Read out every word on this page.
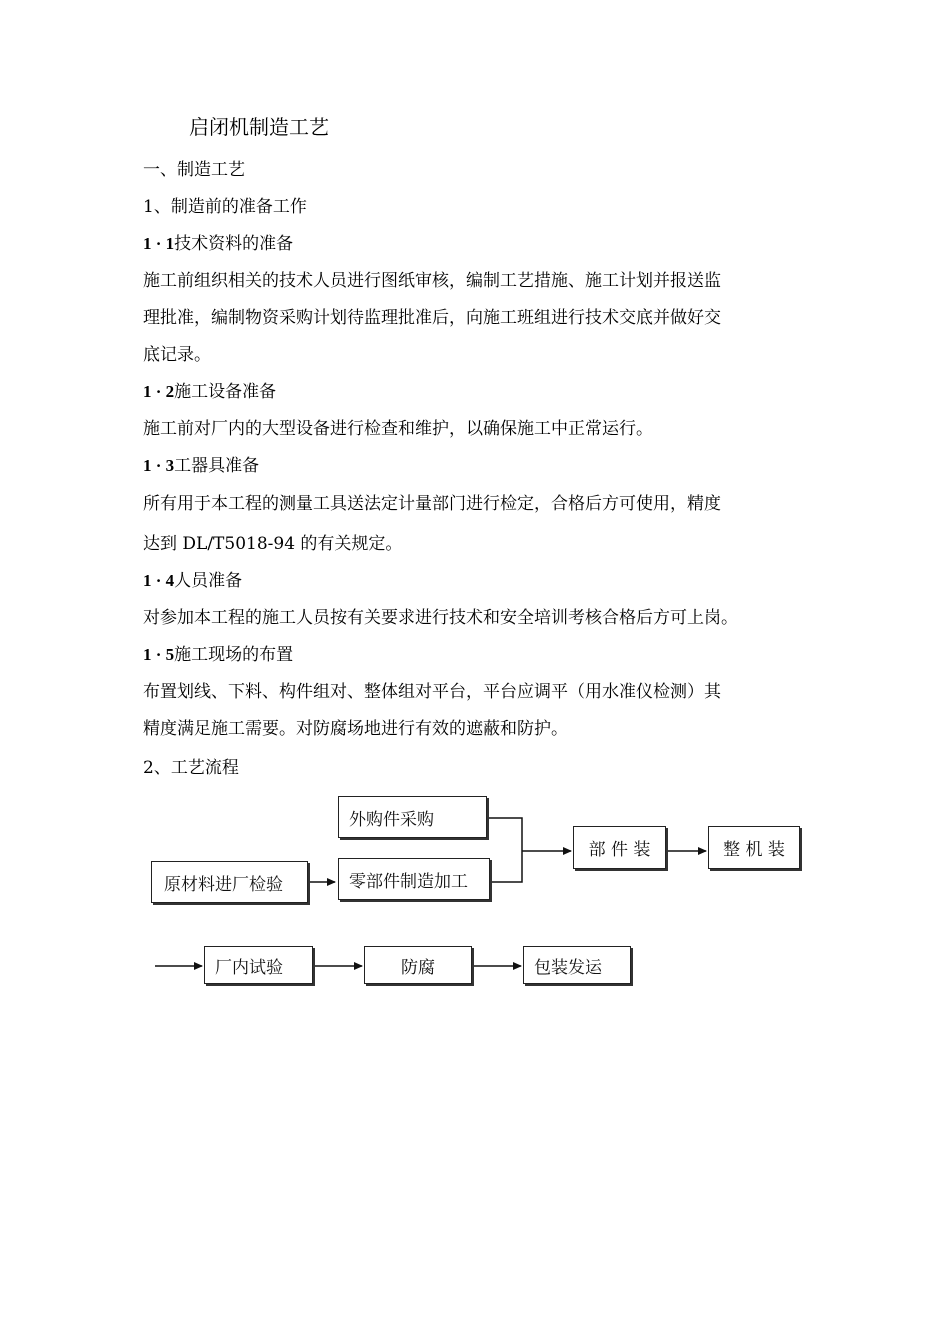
启闭机制造工艺
一、制造工艺
1、制造前的准备工作
1 · 1技术资料的准备
施工前组织相关的技术人员进行图纸审核，编制工艺措施、施工计划并报送监
理批准，编制物资采购计划待监理批准后，向施工班组进行技术交底并做好交
底记录。
1 · 2施工设备准备
施工前对厂内的大型设备进行检查和维护，以确保施工中正常运行。
1 · 3工器具准备
所有用于本工程的测量工具送法定计量部门进行检定，合格后方可使用，精度
达到 DL/T5018-94 的有关规定。
1 · 4人员准备
对参加本工程的施工人员按有关要求进行技术和安全培训考核合格后方可上岗。
1 · 5施工现场的布置
布置划线、下料、构件组对、整体组对平台，平台应调平（用水准仪检测）其
精度满足施工需要。对防腐场地进行有效的遮蔽和防护。
2、工艺流程
外购件采购
原材料进厂检验	零部件制造加工
部 件 装	整 机 装
厂内试验	防腐	包装发运
